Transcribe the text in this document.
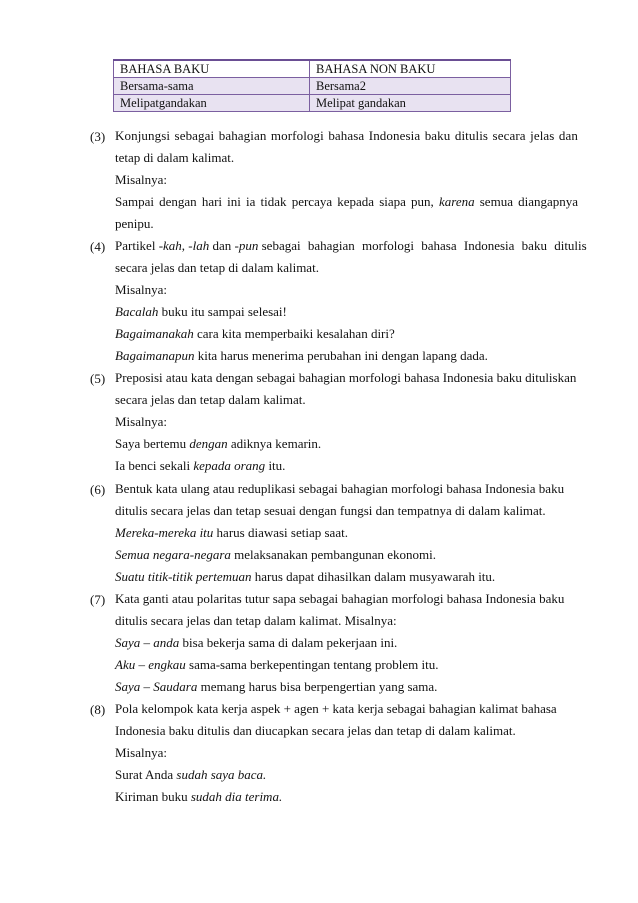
BAHASA BAKU	BAHASA NON BAKU
Bersama-sama	Bersama2
Melipatgandakan	Melipat gandakan
(3) Konjungsi sebagai bahagian morfologi bahasa Indonesia baku ditulis secara jelas dan
tetap di dalam kalimat.
Misalnya:
Sampai dengan hari ini ia tidak percaya kepada siapa pun, karena semua diangapnya
penipu.
(4) Partikel -kah, -lah dan -pun sebagai bahagian morfologi bahasa Indonesia baku ditulis
secara jelas dan tetap di dalam kalimat.
Misalnya:
Bacalah buku itu sampai selesai!
Bagaimanakah cara kita memperbaiki kesalahan diri?
Bagaimanapun kita harus menerima perubahan ini dengan lapang dada.
(5) Preposisi atau kata dengan sebagai bahagian morfologi bahasa Indonesia baku dituliskan
secara jelas dan tetap dalam kalimat.
Misalnya:
Saya bertemu dengan adiknya kemarin.
Ia benci sekali kepada orang itu.
(6) Bentuk kata ulang atau reduplikasi sebagai bahagian morfologi bahasa Indonesia baku
ditulis secara jelas dan tetap sesuai dengan fungsi dan tempatnya di dalam kalimat.
Mereka-mereka itu harus diawasi setiap saat.
Semua negara-negara melaksanakan pembangunan ekonomi.
Suatu titik-titik pertemuan harus dapat dihasilkan dalam musyawarah itu.
(7) Kata ganti atau polaritas tutur sapa sebagai bahagian morfologi bahasa Indonesia baku
ditulis secara jelas dan tetap dalam kalimat. Misalnya:
Saya – anda bisa bekerja sama di dalam pekerjaan ini.
Aku – engkau sama-sama berkepentingan tentang problem itu.
Saya – Saudara memang harus bisa berpengertian yang sama.
(8) Pola kelompok kata kerja aspek + agen + kata kerja sebagai bahagian kalimat bahasa
Indonesia baku ditulis dan diucapkan secara jelas dan tetap di dalam kalimat.
Misalnya:
Surat Anda sudah saya baca.
Kiriman buku sudah dia terima.
